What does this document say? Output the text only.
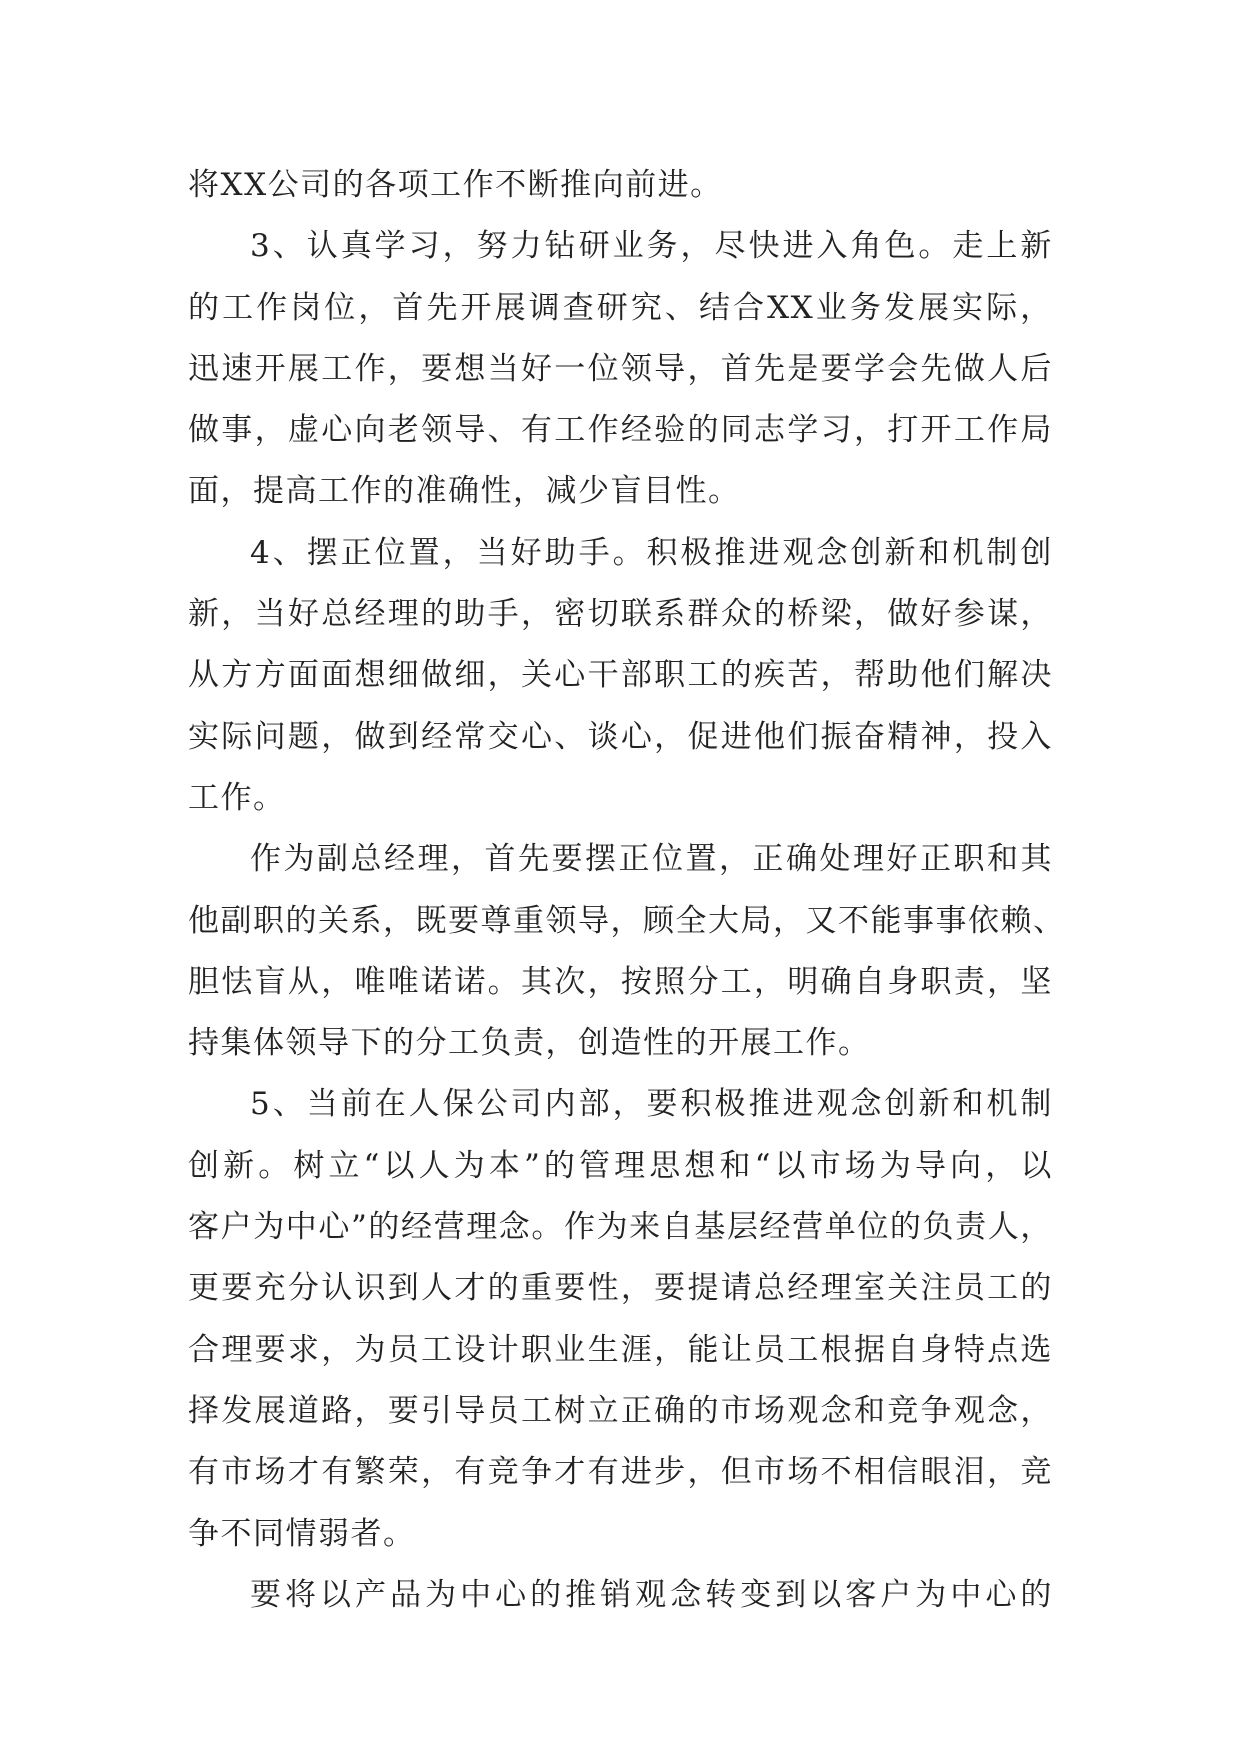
将XX公司的各项工作不断推向前进。
3 、 认 真 学 习 ， 努 力 钻 研 业 务 ， 尽 快 进 入 角 色 。 走 上 新
的 工 作 岗 位 ， 首 先 开 展 调 查 研 究 、 结 合 XX 业 务 发 展 实 际 ，
迅 速 开 展 工 作 ， 要 想 当 好 一 位 领 导 ， 首 先 是 要 学 会 先 做 人 后
做 事 ， 虚 心 向 老 领 导 、 有 工 作 经 验 的 同 志 学 习 ， 打 开 工 作 局
面，提高工作的准确性，减少盲目性。
4 、 摆 正 位 置 ， 当 好 助 手 。 积 极 推 进 观 念 创 新 和 机 制 创
新 ， 当 好 总 经 理 的 助 手 ， 密 切 联 系 群 众 的 桥 梁 ， 做 好 参 谋 ，
从 方 方 面 面 想 细 做 细 ， 关 心 干 部 职 工 的 疾 苦 ， 帮 助 他 们 解 决
实 际 问 题 ， 做 到 经 常 交 心 、 谈 心 ， 促 进 他 们 振 奋 精 神 ， 投 入
工作。
作 为 副 总 经 理 ， 首 先 要 摆 正 位 置 ， 正 确 处 理 好 正 职 和 其
他 副 职 的 关 系 ， 既 要 尊 重 领 导 ， 顾 全 大 局 ， 又 不 能 事 事 依 赖 、
胆 怯 盲 从 ， 唯 唯 诺 诺 。 其 次 ， 按 照 分 工 ， 明 确 自 身 职 责 ， 坚
持集体领导下的分工负责，创造性的开展工作。
5 、 当 前 在 人 保 公 司 内 部 ， 要 积 极 推 进 观 念 创 新 和 机 制
创 新 。 树 立 “ 以 人 为 本 ” 的 管 理 思 想 和 “ 以 市 场 为 导 向 ， 以
客 户 为 中 心 ” 的 经 营 理 念 。 作 为 来 自 基 层 经 营 单 位 的 负 责 人 ，
更 要 充 分 认 识 到 人 才 的 重 要 性 ， 要 提 请 总 经 理 室 关 注 员 工 的
合 理 要 求 ， 为 员 工 设 计 职 业 生 涯 ， 能 让 员 工 根 据 自 身 特 点 选
择 发 展 道 路 ， 要 引 导 员 工 树 立 正 确 的 市 场 观 念 和 竞 争 观 念 ，
有 市 场 才 有 繁 荣 ， 有 竞 争 才 有 进 步 ， 但 市 场 不 相 信 眼 泪 ， 竞
争不同情弱者。
要 将 以 产 品 为 中 心 的 推 销 观 念 转 变 到 以 客 户 为 中 心 的
